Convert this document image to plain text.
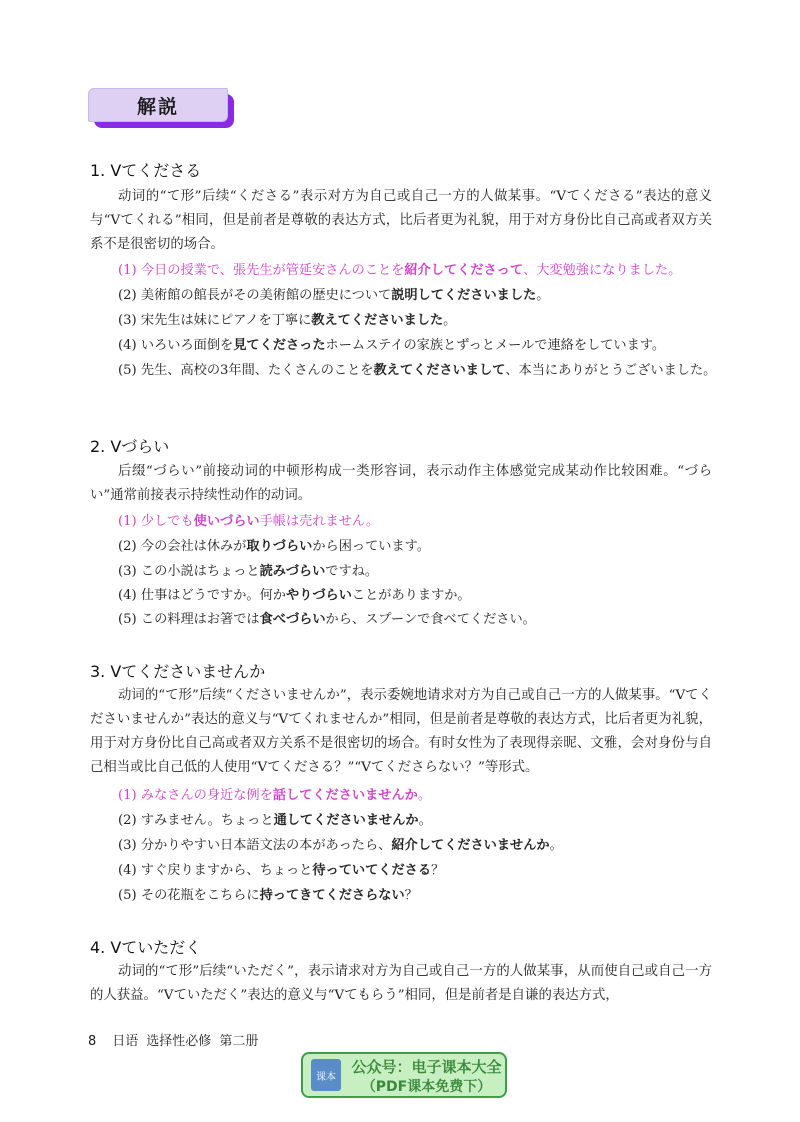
解説
1. Vてくださる
动词的“て形”后续“くださる”表示对方为自己或自己一方的人做某事。“Vてくださる”表达的意义与“Vてくれる”相同，但是前者是尊敬的表达方式，比后者更为礼貌，用于对方身份比自己高或者双方关系不是很密切的场合。
(1) 今日の授業で、張先生が管延安さんのことを紹介してくださって、大変勉強になりました。
(2) 美術館の館長がその美術館の歴史について説明してくださいました。
(3) 宋先生は妹にピアノを丁寧に教えてくださいました。
(4) いろいろ面倒を見てくださったホームステイの家族とずっとメールで連絡をしています。
(5) 先生、高校の3年間、たくさんのことを教えてくださいまして、本当にありがとうございました。
2. Vづらい
后缀“づらい”前接动词的中顿形构成一类形容词，表示动作主体感觉完成某动作比较困难。“づらい”通常前接表示持续性动作的动词。
(1) 少しでも使いづらい手帳は売れません。
(2) 今の会社は休みが取りづらいから困っています。
(3) この小説はちょっと読みづらいですね。
(4) 仕事はどうですか。何かやりづらいことがありますか。
(5) この料理はお箸では食べづらいから、スプーンで食べてください。
3. Vてくださいませんか
动词的“て形”后续“くださいませんか”，表示委婉地请求对方为自己或自己一方的人做某事。“Vてくださいませんか”表达的意义与“Vてくれませんか”相同，但是前者是尊敬的表达方式，比后者更为礼貌，用于对方身份比自己高或者双方关系不是很密切的场合。有时女性为了表现得亲昵、文雅，会对身份与自己相当或比自己低的人使用“Vてくださる？”“Vてくださらない？”等形式。
(1) みなさんの身近な例を話してくださいませんか。
(2) すみません。ちょっと通してくださいませんか。
(3) 分かりやすい日本語文法の本があったら、紹介してくださいませんか。
(4) すぐ戻りますから、ちょっと待っていてくださる？
(5) その花瓶をこちらに持ってきてくださらない？
4. Vていただく
动词的“て形”后续“いただく”，表示请求对方为自己或自己一方的人做某事，从而使自己或自己一方的人获益。“Vていただく”表达的意义与“Vてもらう”相同，但是前者是自谦的表达方式，
8 日语 选择性必修 第二册
课本
公众号：电子课本大全
（PDF课本免费下）
